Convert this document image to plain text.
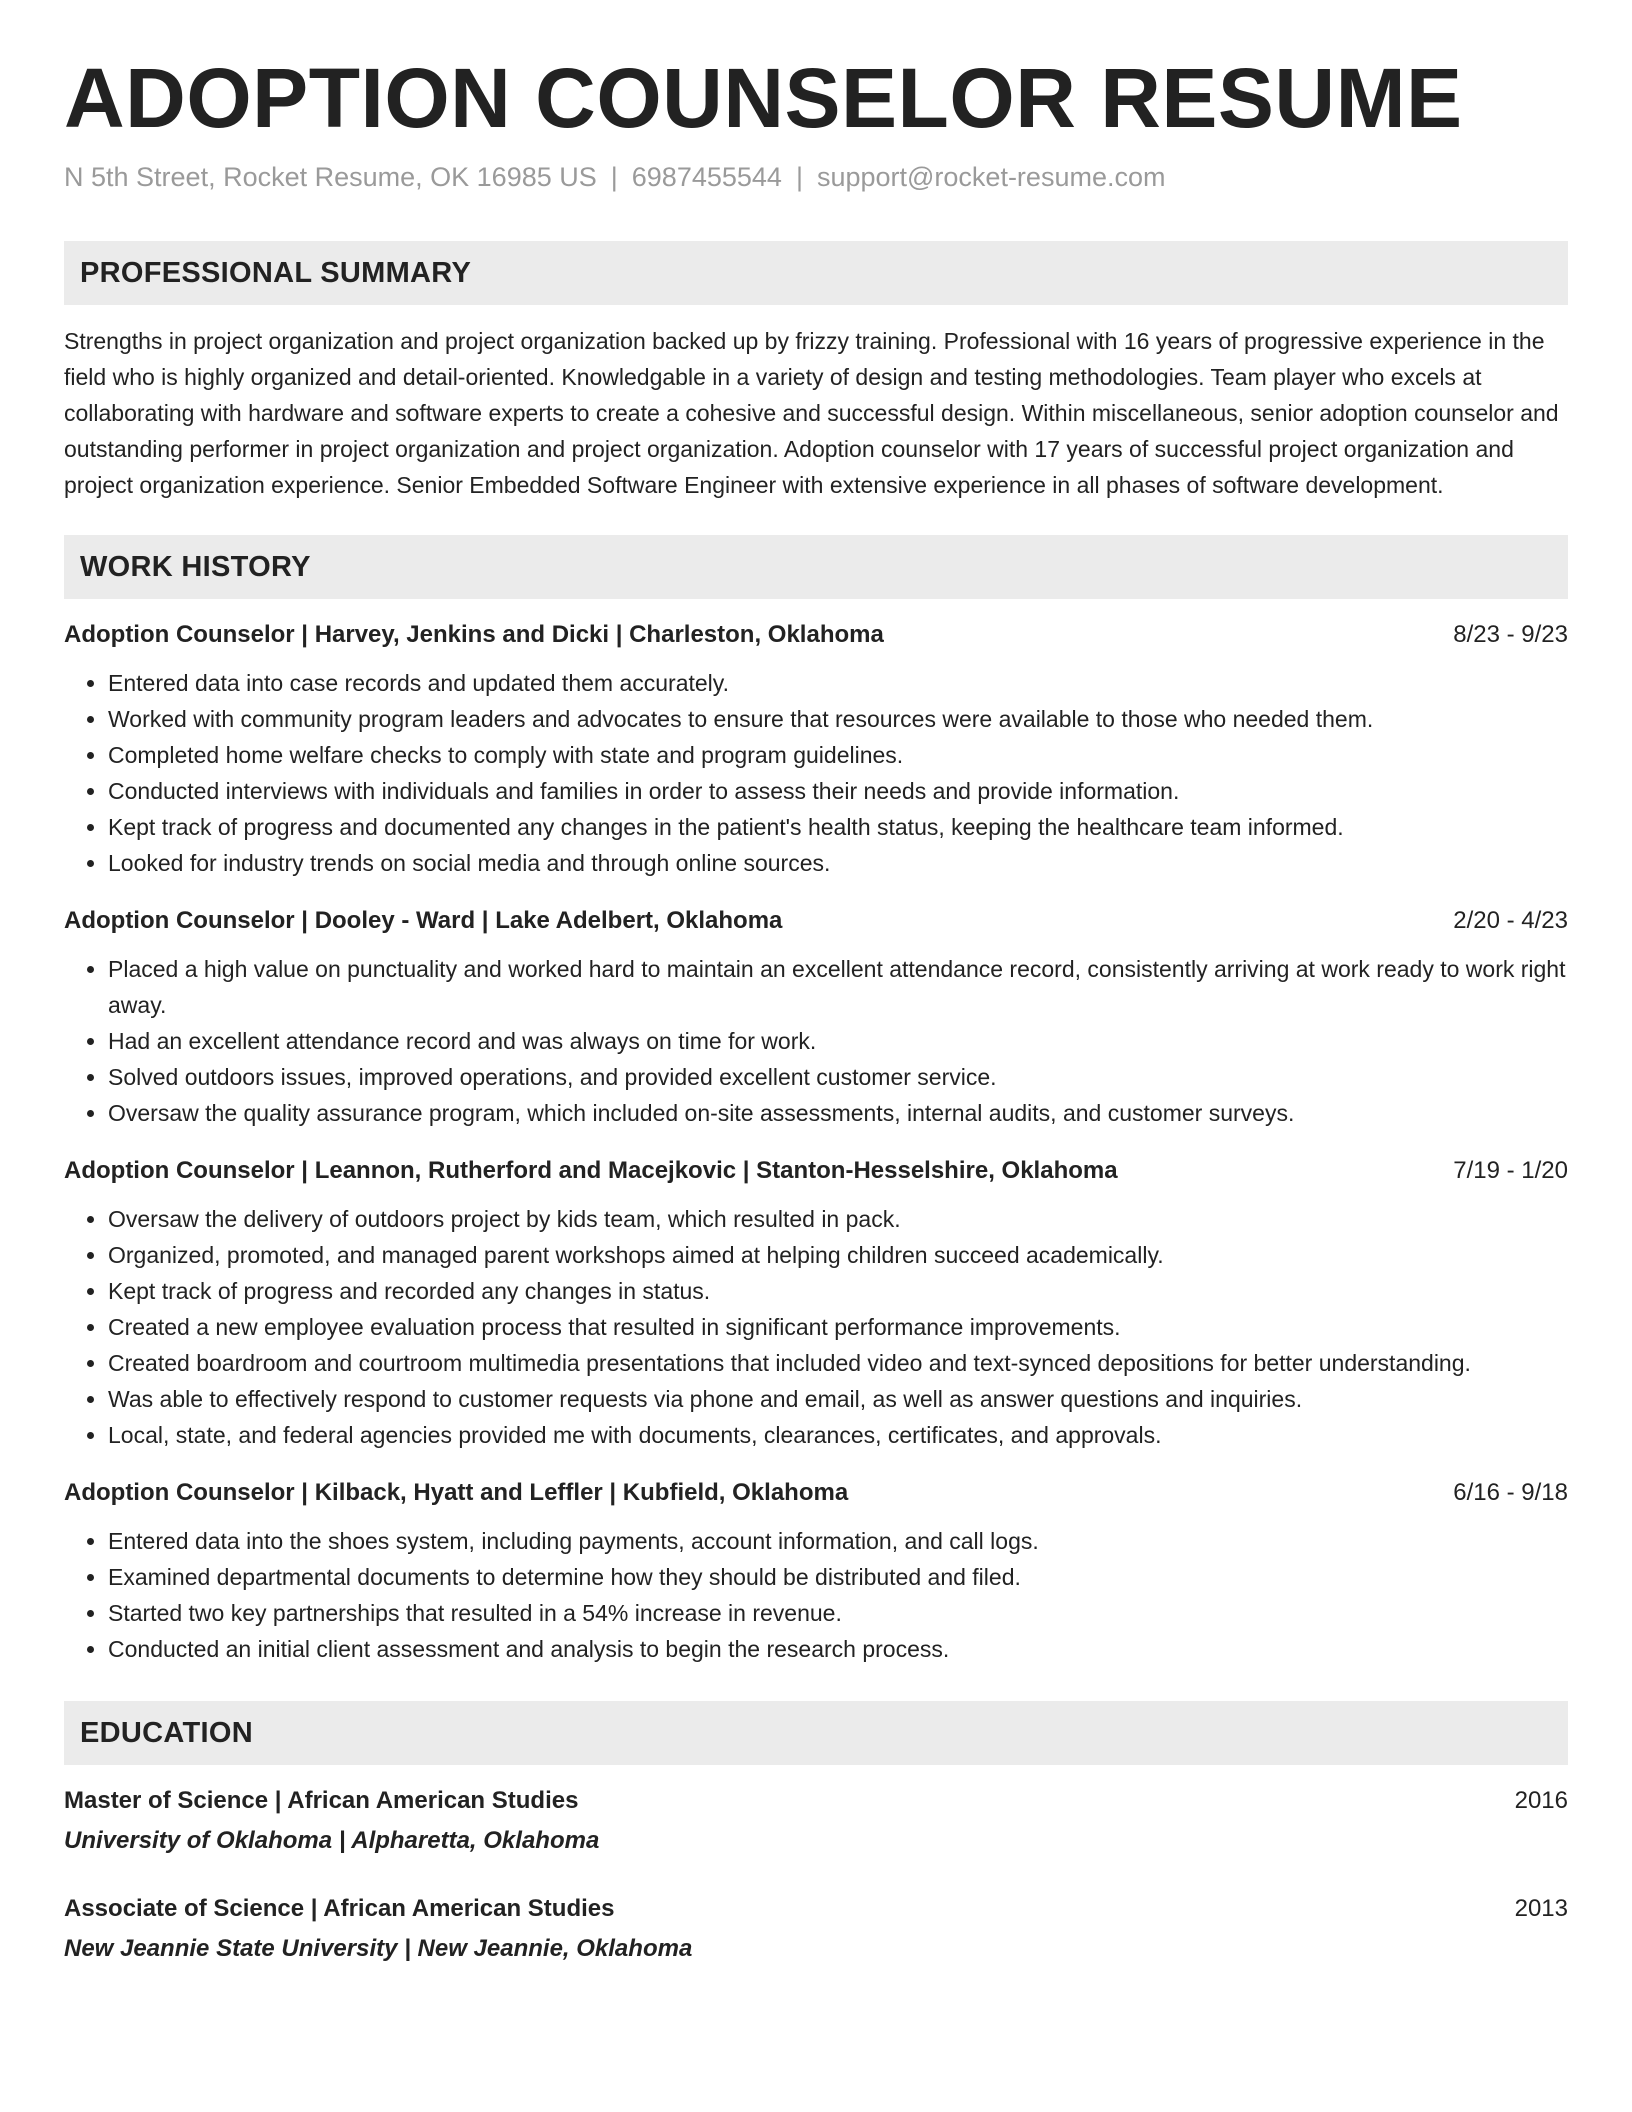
ADOPTION COUNSELOR RESUME
N 5th Street, Rocket Resume, OK 16985 US | 6987455544 | support@rocket-resume.com
PROFESSIONAL SUMMARY
Strengths in project organization and project organization backed up by frizzy training. Professional with 16 years of progressive experience in the field who is highly organized and detail-oriented. Knowledgable in a variety of design and testing methodologies. Team player who excels at collaborating with hardware and software experts to create a cohesive and successful design. Within miscellaneous, senior adoption counselor and outstanding performer in project organization and project organization. Adoption counselor with 17 years of successful project organization and project organization experience. Senior Embedded Software Engineer with extensive experience in all phases of software development.
WORK HISTORY
Adoption Counselor | Harvey, Jenkins and Dicki | Charleston, Oklahoma	8/23 - 9/23
• Entered data into case records and updated them accurately.
• Worked with community program leaders and advocates to ensure that resources were available to those who needed them.
• Completed home welfare checks to comply with state and program guidelines.
• Conducted interviews with individuals and families in order to assess their needs and provide information.
• Kept track of progress and documented any changes in the patient's health status, keeping the healthcare team informed.
• Looked for industry trends on social media and through online sources.
Adoption Counselor | Dooley - Ward | Lake Adelbert, Oklahoma	2/20 - 4/23
• Placed a high value on punctuality and worked hard to maintain an excellent attendance record, consistently arriving at work ready to work right away.
• Had an excellent attendance record and was always on time for work.
• Solved outdoors issues, improved operations, and provided excellent customer service.
• Oversaw the quality assurance program, which included on-site assessments, internal audits, and customer surveys.
Adoption Counselor | Leannon, Rutherford and Macejkovic | Stanton-Hesselshire, Oklahoma	7/19 - 1/20
• Oversaw the delivery of outdoors project by kids team, which resulted in pack.
• Organized, promoted, and managed parent workshops aimed at helping children succeed academically.
• Kept track of progress and recorded any changes in status.
• Created a new employee evaluation process that resulted in significant performance improvements.
• Created boardroom and courtroom multimedia presentations that included video and text-synced depositions for better understanding.
• Was able to effectively respond to customer requests via phone and email, as well as answer questions and inquiries.
• Local, state, and federal agencies provided me with documents, clearances, certificates, and approvals.
Adoption Counselor | Kilback, Hyatt and Leffler | Kubfield, Oklahoma	6/16 - 9/18
• Entered data into the shoes system, including payments, account information, and call logs.
• Examined departmental documents to determine how they should be distributed and filed.
• Started two key partnerships that resulted in a 54% increase in revenue.
• Conducted an initial client assessment and analysis to begin the research process.
EDUCATION
Master of Science | African American Studies	2016
University of Oklahoma | Alpharetta, Oklahoma
Associate of Science | African American Studies	2013
New Jeannie State University | New Jeannie, Oklahoma
